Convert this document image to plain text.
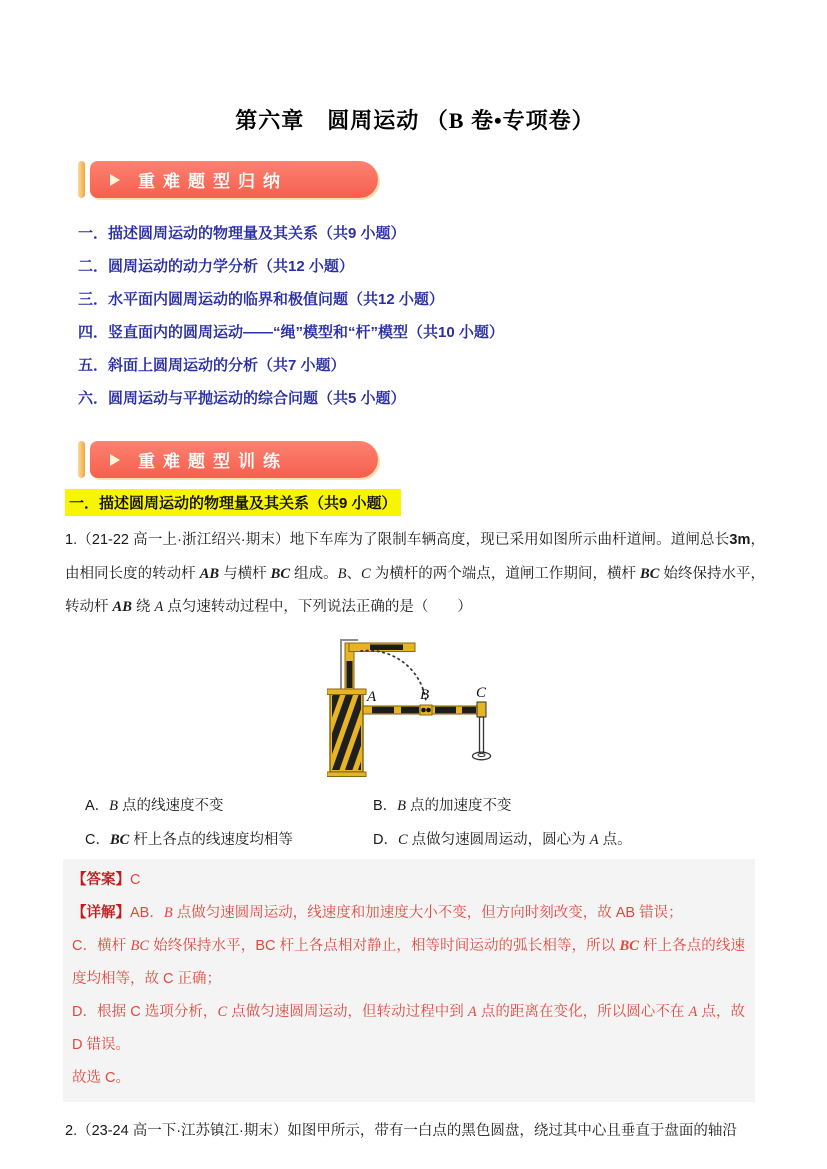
第六章　圆周运动 （B 卷•专项卷）
重难题型归纳
一．描述圆周运动的物理量及其关系（共9 小题）
二．圆周运动的动力学分析（共12 小题）
三．水平面内圆周运动的临界和极值问题（共12 小题）
四．竖直面内的圆周运动——“绳”模型和“杆”模型（共10 小题）
五．斜面上圆周运动的分析（共7 小题）
六．圆周运动与平抛运动的综合问题（共5 小题）
重难题型训练
一．描述圆周运动的物理量及其关系（共9 小题）

1.（21-22 高一上·浙江绍兴·期末）地下车库为了限制车辆高度，现已采用如图所示曲杆道闸。道闸总长3m，由相同长度的转动杆 AB 与横杆 BC 组成。B、C 为横杆的两个端点，道闸工作期间，横杆 BC 始终保持水平，转动杆 AB 绕 A 点匀速转动过程中，下列说法正确的是（　　）

A	B	C
A．B 点的线速度不变	B．B 点的加速度不变
C．BC 杆上各点的线速度均相等	D．C 点做匀速圆周运动，圆心为 A 点。
【答案】C
【详解】AB．B 点做匀速圆周运动，线速度和加速度大小不变，但方向时刻改变，故 AB 错误；
C．横杆 BC 始终保持水平，BC 杆上各点相对静止，相等时间运动的弧长相等，所以 BC 杆上各点的线速度均相等，故 C 正确；
D．根据 C 选项分析，C 点做匀速圆周运动，但转动过程中到 A 点的距离在变化，所以圆心不在 A 点，故 D 错误。
故选 C。

2.（23-24 高一下·江苏镇江·期末）如图甲所示，带有一白点的黑色圆盘，绕过其中心且垂直于盘面的轴沿
